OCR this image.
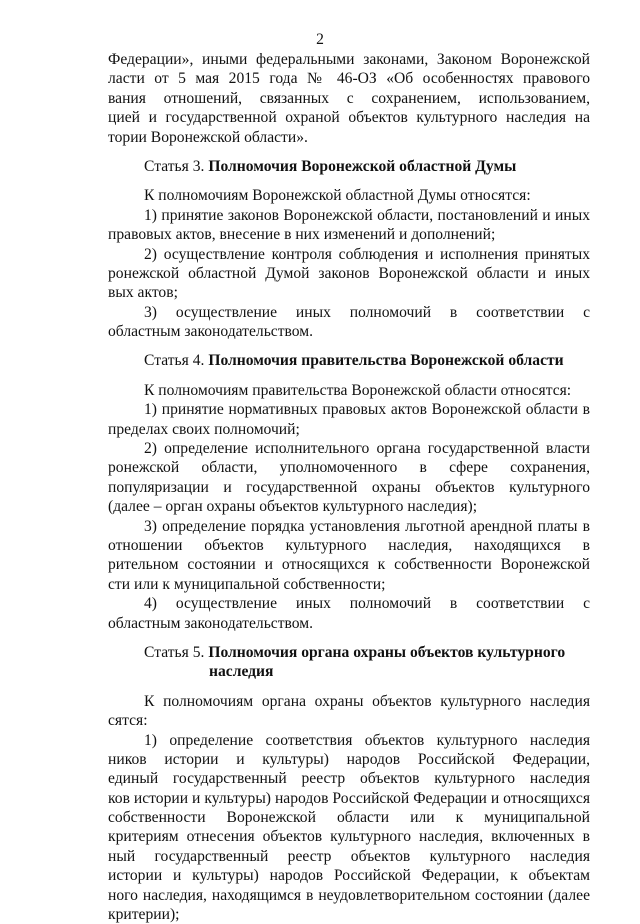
2
Федерации», иными федеральными законами, Законом Воронежской
ласти от 5 мая 2015 года № 46-ОЗ «Об особенностях правового
вания отношений, связанных с сохранением, использованием,
цией и государственной охраной объектов культурного наследия на
тории Воронежской области».
Статья 3. Полномочия Воронежской областной Думы
К полномочиям Воронежской областной Думы относятся:
1) принятие законов Воронежской области, постановлений и иных
правовых актов, внесение в них изменений и дополнений;
2) осуществление контроля соблюдения и исполнения принятых
ронежской областной Думой законов Воронежской области и иных
вых актов;
3) осуществление иных полномочий в соответствии с
областным законодательством.
Статья 4. Полномочия правительства Воронежской области
К полномочиям правительства Воронежской области относятся:
1) принятие нормативных правовых актов Воронежской области в
пределах своих полномочий;
2) определение исполнительного органа государственной власти
ронежской области, уполномоченного в сфере сохранения,
популяризации и государственной охраны объектов культурного
(далее – орган охраны объектов культурного наследия);
3) определение порядка установления льготной арендной платы в
отношении объектов культурного наследия, находящихся в
рительном состоянии и относящихся к собственности Воронежской
сти или к муниципальной собственности;
4) осуществление иных полномочий в соответствии с
областным законодательством.
Статья 5. Полномочия органа охраны объектов культурного
наследия
К полномочиям органа охраны объектов культурного наследия
сятся:
1) определение соответствия объектов культурного наследия
ников истории и культуры) народов Российской Федерации,
единый государственный реестр объектов культурного наследия
ков истории и культуры) народов Российской Федерации и относящихся
собственности Воронежской области или к муниципальной
критериям отнесения объектов культурного наследия, включенных в
ный государственный реестр объектов культурного наследия
истории и культуры) народов Российской Федерации, к объектам
ного наследия, находящимся в неудовлетворительном состоянии (далее
критерии);
